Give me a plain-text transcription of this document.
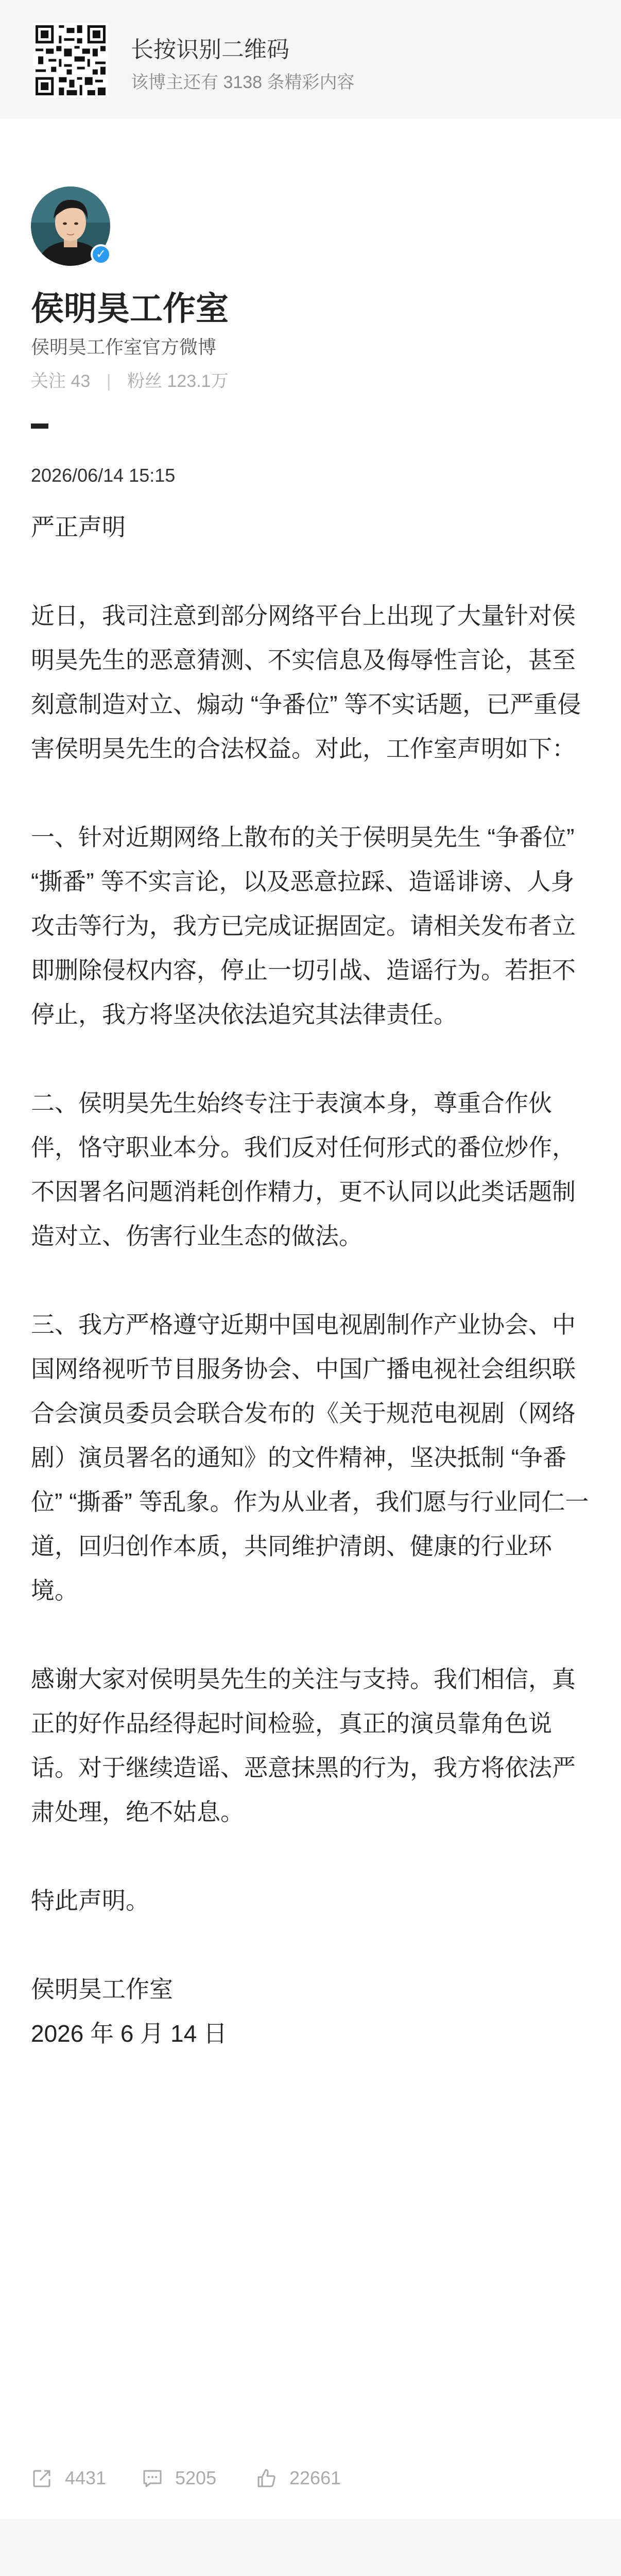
长按识别二维码
该博主还有 3138 条精彩内容
✓
侯明昊工作室
侯明昊工作室官方微博
关注 43 | 粉丝 123.1万
2026/06/14 15:15

严正声明

近日，我司注意到部分网络平台上出现了大量针对侯明昊先生的恶意猜测、不实信息及侮辱性言论，甚至刻意制造对立、煽动 “争番位” 等不实话题，已严重侵害侯明昊先生的合法权益。对此，工作室声明如下：

一、针对近期网络上散布的关于侯明昊先生 “争番位” “撕番” 等不实言论，以及恶意拉踩、造谣诽谤、人身攻击等行为，我方已完成证据固定。请相关发布者立即删除侵权内容，停止一切引战、造谣行为。若拒不停止，我方将坚决依法追究其法律责任。

二、侯明昊先生始终专注于表演本身，尊重合作伙伴，恪守职业本分。我们反对任何形式的番位炒作，不因署名问题消耗创作精力，更不认同以此类话题制造对立、伤害行业生态的做法。

三、我方严格遵守近期中国电视剧制作产业协会、中国网络视听节目服务协会、中国广播电视社会组织联合会演员委员会联合发布的《关于规范电视剧（网络剧）演员署名的通知》的文件精神，坚决抵制 “争番位” “撕番” 等乱象。作为从业者，我们愿与行业同仁一道，回归创作本质，共同维护清朗、健康的行业环境。

感谢大家对侯明昊先生的关注与支持。我们相信，真正的好作品经得起时间检验，真正的演员靠角色说话。对于继续造谣、恶意抹黑的行为，我方将依法严肃处理，绝不姑息。

特此声明。

侯明昊工作室

2026 年 6 月 14 日

4431	5205	22661
